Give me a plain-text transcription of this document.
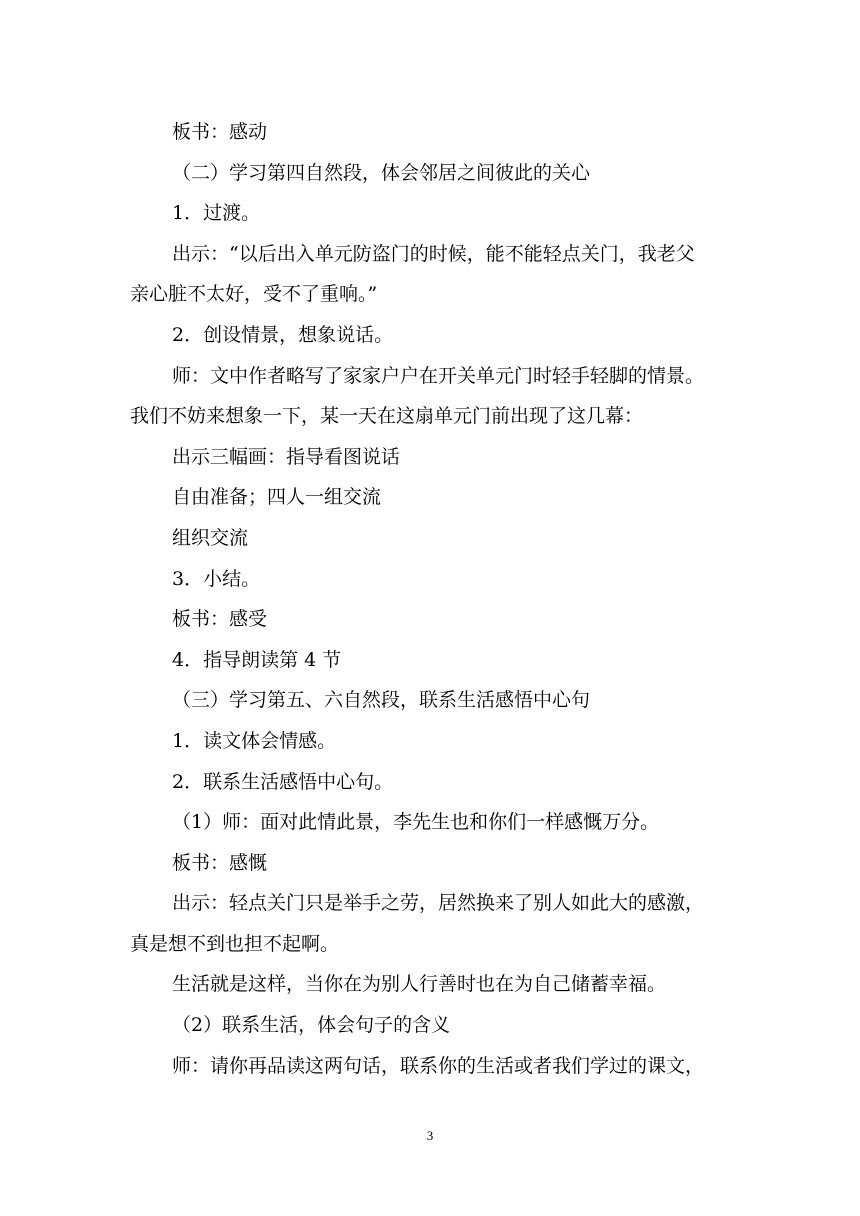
板书：感动

（二）学习第四自然段，体会邻居之间彼此的关心

1．过渡。

出示：“以后出入单元防盗门的时候，能不能轻点关门，我老父

亲心脏不太好，受不了重响。”

2．创设情景，想象说话。

师：文中作者略写了家家户户在开关单元门时轻手轻脚的情景。

我们不妨来想象一下，某一天在这扇单元门前出现了这几幕：

出示三幅画：指导看图说话

自由准备；四人一组交流

组织交流

3．小结。

板书：感受

4．指导朗读第 4 节

（三）学习第五、六自然段，联系生活感悟中心句

1．读文体会情感。

2．联系生活感悟中心句。

（1）师：面对此情此景，李先生也和你们一样感慨万分。

板书：感慨

出示：轻点关门只是举手之劳，居然换来了别人如此大的感激，

真是想不到也担不起啊。

生活就是这样，当你在为别人行善时也在为自己储蓄幸福。

（2）联系生活，体会句子的含义

师：请你再品读这两句话，联系你的生活或者我们学过的课文，

3
